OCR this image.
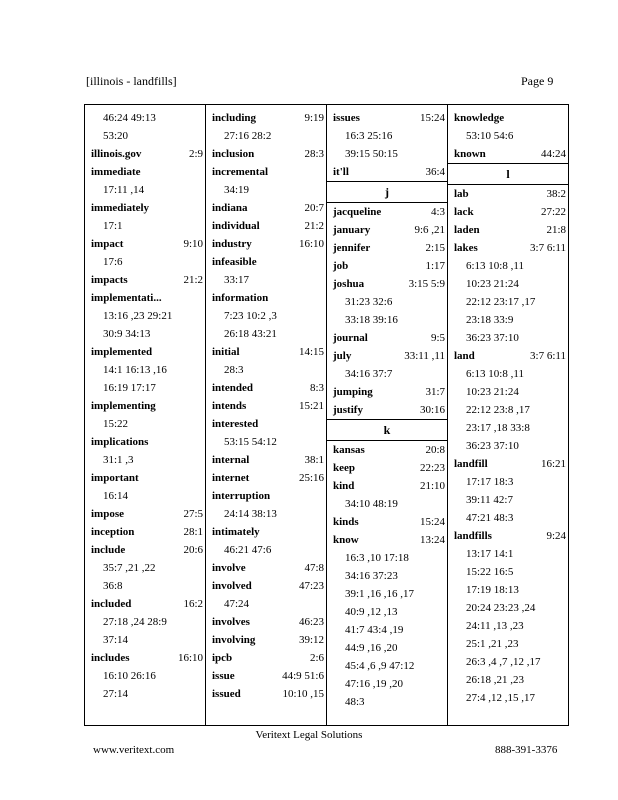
[illinois - landfills]	Page 9
46:24 49:13
53:20
illinois.gov	2:9
immediate
17:11 ,14
immediately
17:1
impact	9:10
17:6
impacts	21:2
implementati...
13:16 ,23 29:21
30:9 34:13
implemented
14:1 16:13 ,16
16:19 17:17
implementing
15:22
implications
31:1 ,3
important
16:14
impose	27:5
inception	28:1
include	20:6
35:7 ,21 ,22
36:8
included	16:2
27:18 ,24 28:9
37:14
includes	16:10
16:10 26:16
27:14
including	9:19
27:16 28:2
inclusion	28:3
incremental
34:19
indiana	20:7
individual	21:2
industry	16:10
infeasible
33:17
information
7:23 10:2 ,3
26:18 43:21
initial	14:15
28:3
intended	8:3
intends	15:21
interested
53:15 54:12
internal	38:1
internet	25:16
interruption
24:14 38:13
intimately
46:21 47:6
involve	47:8
involved	47:23
47:24
involves	46:23
involving	39:12
ipcb	2:6
issue	44:9 51:6
issued	10:10 ,15
issues	15:24
16:3 25:16
39:15 50:15
it'll	36:4
j
jacqueline	4:3
january	9:6 ,21
jennifer	2:15
job	1:17
joshua	3:15 5:9
31:23 32:6
33:18 39:16
journal	9:5
july	33:11 ,11
34:16 37:7
jumping	31:7
justify	30:16
k
kansas	20:8
keep	22:23
kind	21:10
34:10 48:19
kinds	15:24
know	13:24
16:3 ,10 17:18
34:16 37:23
39:1 ,16 ,16 ,17
40:9 ,12 ,13
41:7 43:4 ,19
44:9 ,16 ,20
45:4 ,6 ,9 47:12
47:16 ,19 ,20
48:3
knowledge
53:10 54:6
known	44:24
l
lab	38:2
lack	27:22
laden	21:8
lakes	3:7 6:11
6:13 10:8 ,11
10:23 21:24
22:12 23:17 ,17
23:18 33:9
36:23 37:10
land	3:7 6:11
6:13 10:8 ,11
10:23 21:24
22:12 23:8 ,17
23:17 ,18 33:8
36:23 37:10
landfill	16:21
17:17 18:3
39:11 42:7
47:21 48:3
landfills	9:24
13:17 14:1
15:22 16:5
17:19 18:13
20:24 23:23 ,24
24:11 ,13 ,23
25:1 ,21 ,23
26:3 ,4 ,7 ,12 ,17
26:18 ,21 ,23
27:4 ,12 ,15 ,17
Veritext Legal Solutions
www.veritext.com	888-391-3376
